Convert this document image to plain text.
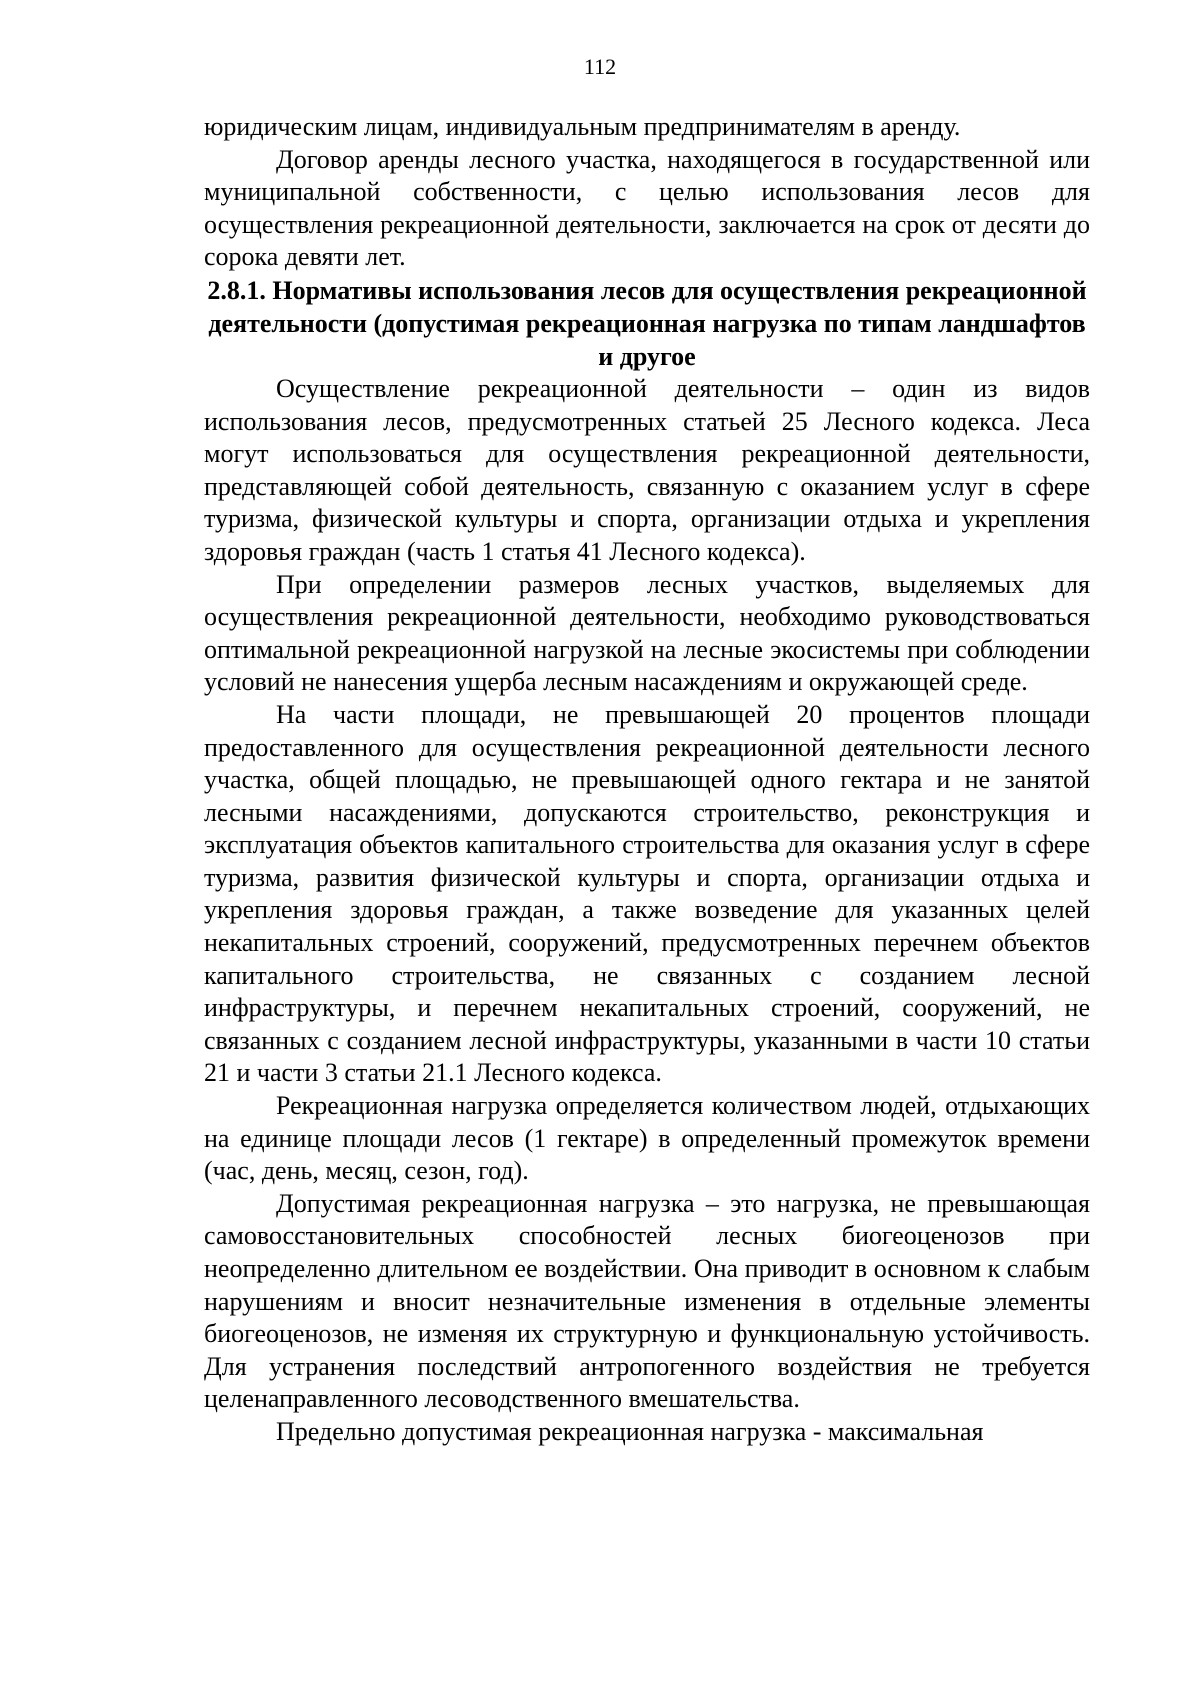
112

юридическим лицам, индивидуальным предпринимателям в аренду.

Договор аренды лесного участка, находящегося в государственной или муниципальной собственности, с целью использования лесов для осуществления рекреационной деятельности, заключается на срок от десяти до сорока девяти лет.

2.8.1. Нормативы использования лесов для осуществления рекреационной деятельности (допустимая рекреационная нагрузка по типам ландшафтов и другое

Осуществление рекреационной деятельности – один из видов использования лесов, предусмотренных статьей 25 Лесного кодекса. Леса могут использоваться для осуществления рекреационной деятельности, представляющей собой деятельность, связанную с оказанием услуг в сфере туризма, физической культуры и спорта, организации отдыха и укрепления здоровья граждан (часть 1 статья 41 Лесного кодекса).

При определении размеров лесных участков, выделяемых для осуществления рекреационной деятельности, необходимо руководствоваться оптимальной рекреационной нагрузкой на лесные экосистемы при соблюдении условий не нанесения ущерба лесным насаждениям и окружающей среде.

На части площади, не превышающей 20 процентов площади предоставленного для осуществления рекреационной деятельности лесного участка, общей площадью, не превышающей одного гектара и не занятой лесными насаждениями, допускаются строительство, реконструкция и эксплуатация объектов капитального строительства для оказания услуг в сфере туризма, развития физической культуры и спорта, организации отдыха и укрепления здоровья граждан, а также возведение для указанных целей некапитальных строений, сооружений, предусмотренных перечнем объектов капитального строительства, не связанных с созданием лесной инфраструктуры, и перечнем некапитальных строений, сооружений, не связанных с созданием лесной инфраструктуры, указанными в части 10 статьи 21 и части 3 статьи 21.1 Лесного кодекса.

Рекреационная нагрузка определяется количеством людей, отдыхающих на единице площади лесов (1 гектаре) в определенный промежуток времени (час, день, месяц, сезон, год).

Допустимая рекреационная нагрузка – это нагрузка, не превышающая самовосстановительных способностей лесных биогеоценозов при неопределенно длительном ее воздействии. Она приводит в основном к слабым нарушениям и вносит незначительные изменения в отдельные элементы биогеоценозов, не изменяя их структурную и функциональную устойчивость. Для устранения последствий антропогенного воздействия не требуется целенаправленного лесоводственного вмешательства.

Предельно допустимая рекреационная нагрузка - максимальная
